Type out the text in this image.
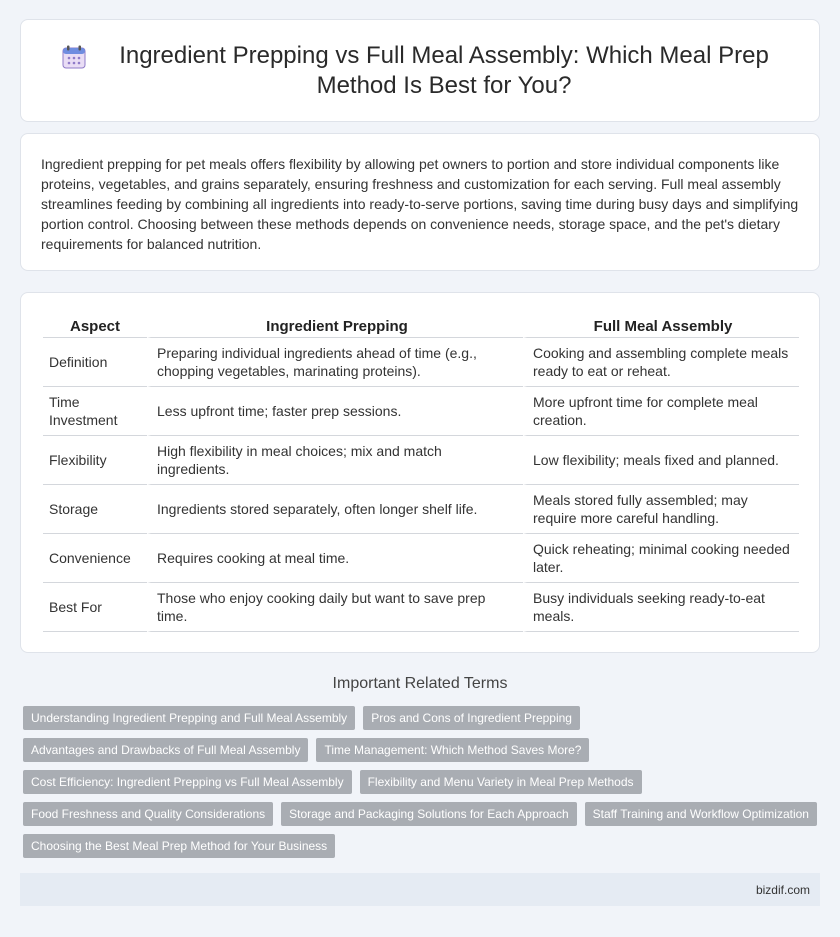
Ingredient Prepping vs Full Meal Assembly: Which Meal Prep Method Is Best for You?

Ingredient prepping for pet meals offers flexibility by allowing pet owners to portion and store individual components like proteins, vegetables, and grains separately, ensuring freshness and customization for each serving. Full meal assembly streamlines feeding by combining all ingredients into ready-to-serve portions, saving time during busy days and simplifying portion control. Choosing between these methods depends on convenience needs, storage space, and the pet's dietary requirements for balanced nutrition.

Aspect	Ingredient Prepping	Full Meal Assembly
Definition	Preparing individual ingredients ahead of time (e.g., chopping vegetables, marinating proteins).	Cooking and assembling complete meals ready to eat or reheat.
Time Investment	Less upfront time; faster prep sessions.	More upfront time for complete meal creation.
Flexibility	High flexibility in meal choices; mix and match ingredients.	Low flexibility; meals fixed and planned.
Storage	Ingredients stored separately, often longer shelf life.	Meals stored fully assembled; may require more careful handling.
Convenience	Requires cooking at meal time.	Quick reheating; minimal cooking needed later.
Best For	Those who enjoy cooking daily but want to save prep time.	Busy individuals seeking ready-to-eat meals.
Important Related Terms
Understanding Ingredient Prepping and Full Meal Assembly	Pros and Cons of Ingredient Prepping
Advantages and Drawbacks of Full Meal Assembly	Time Management: Which Method Saves More?
Cost Efficiency: Ingredient Prepping vs Full Meal Assembly	Flexibility and Menu Variety in Meal Prep Methods
Food Freshness and Quality Considerations	Storage and Packaging Solutions for Each Approach	Staff Training and Workflow Optimization
Choosing the Best Meal Prep Method for Your Business
bizdif.com
